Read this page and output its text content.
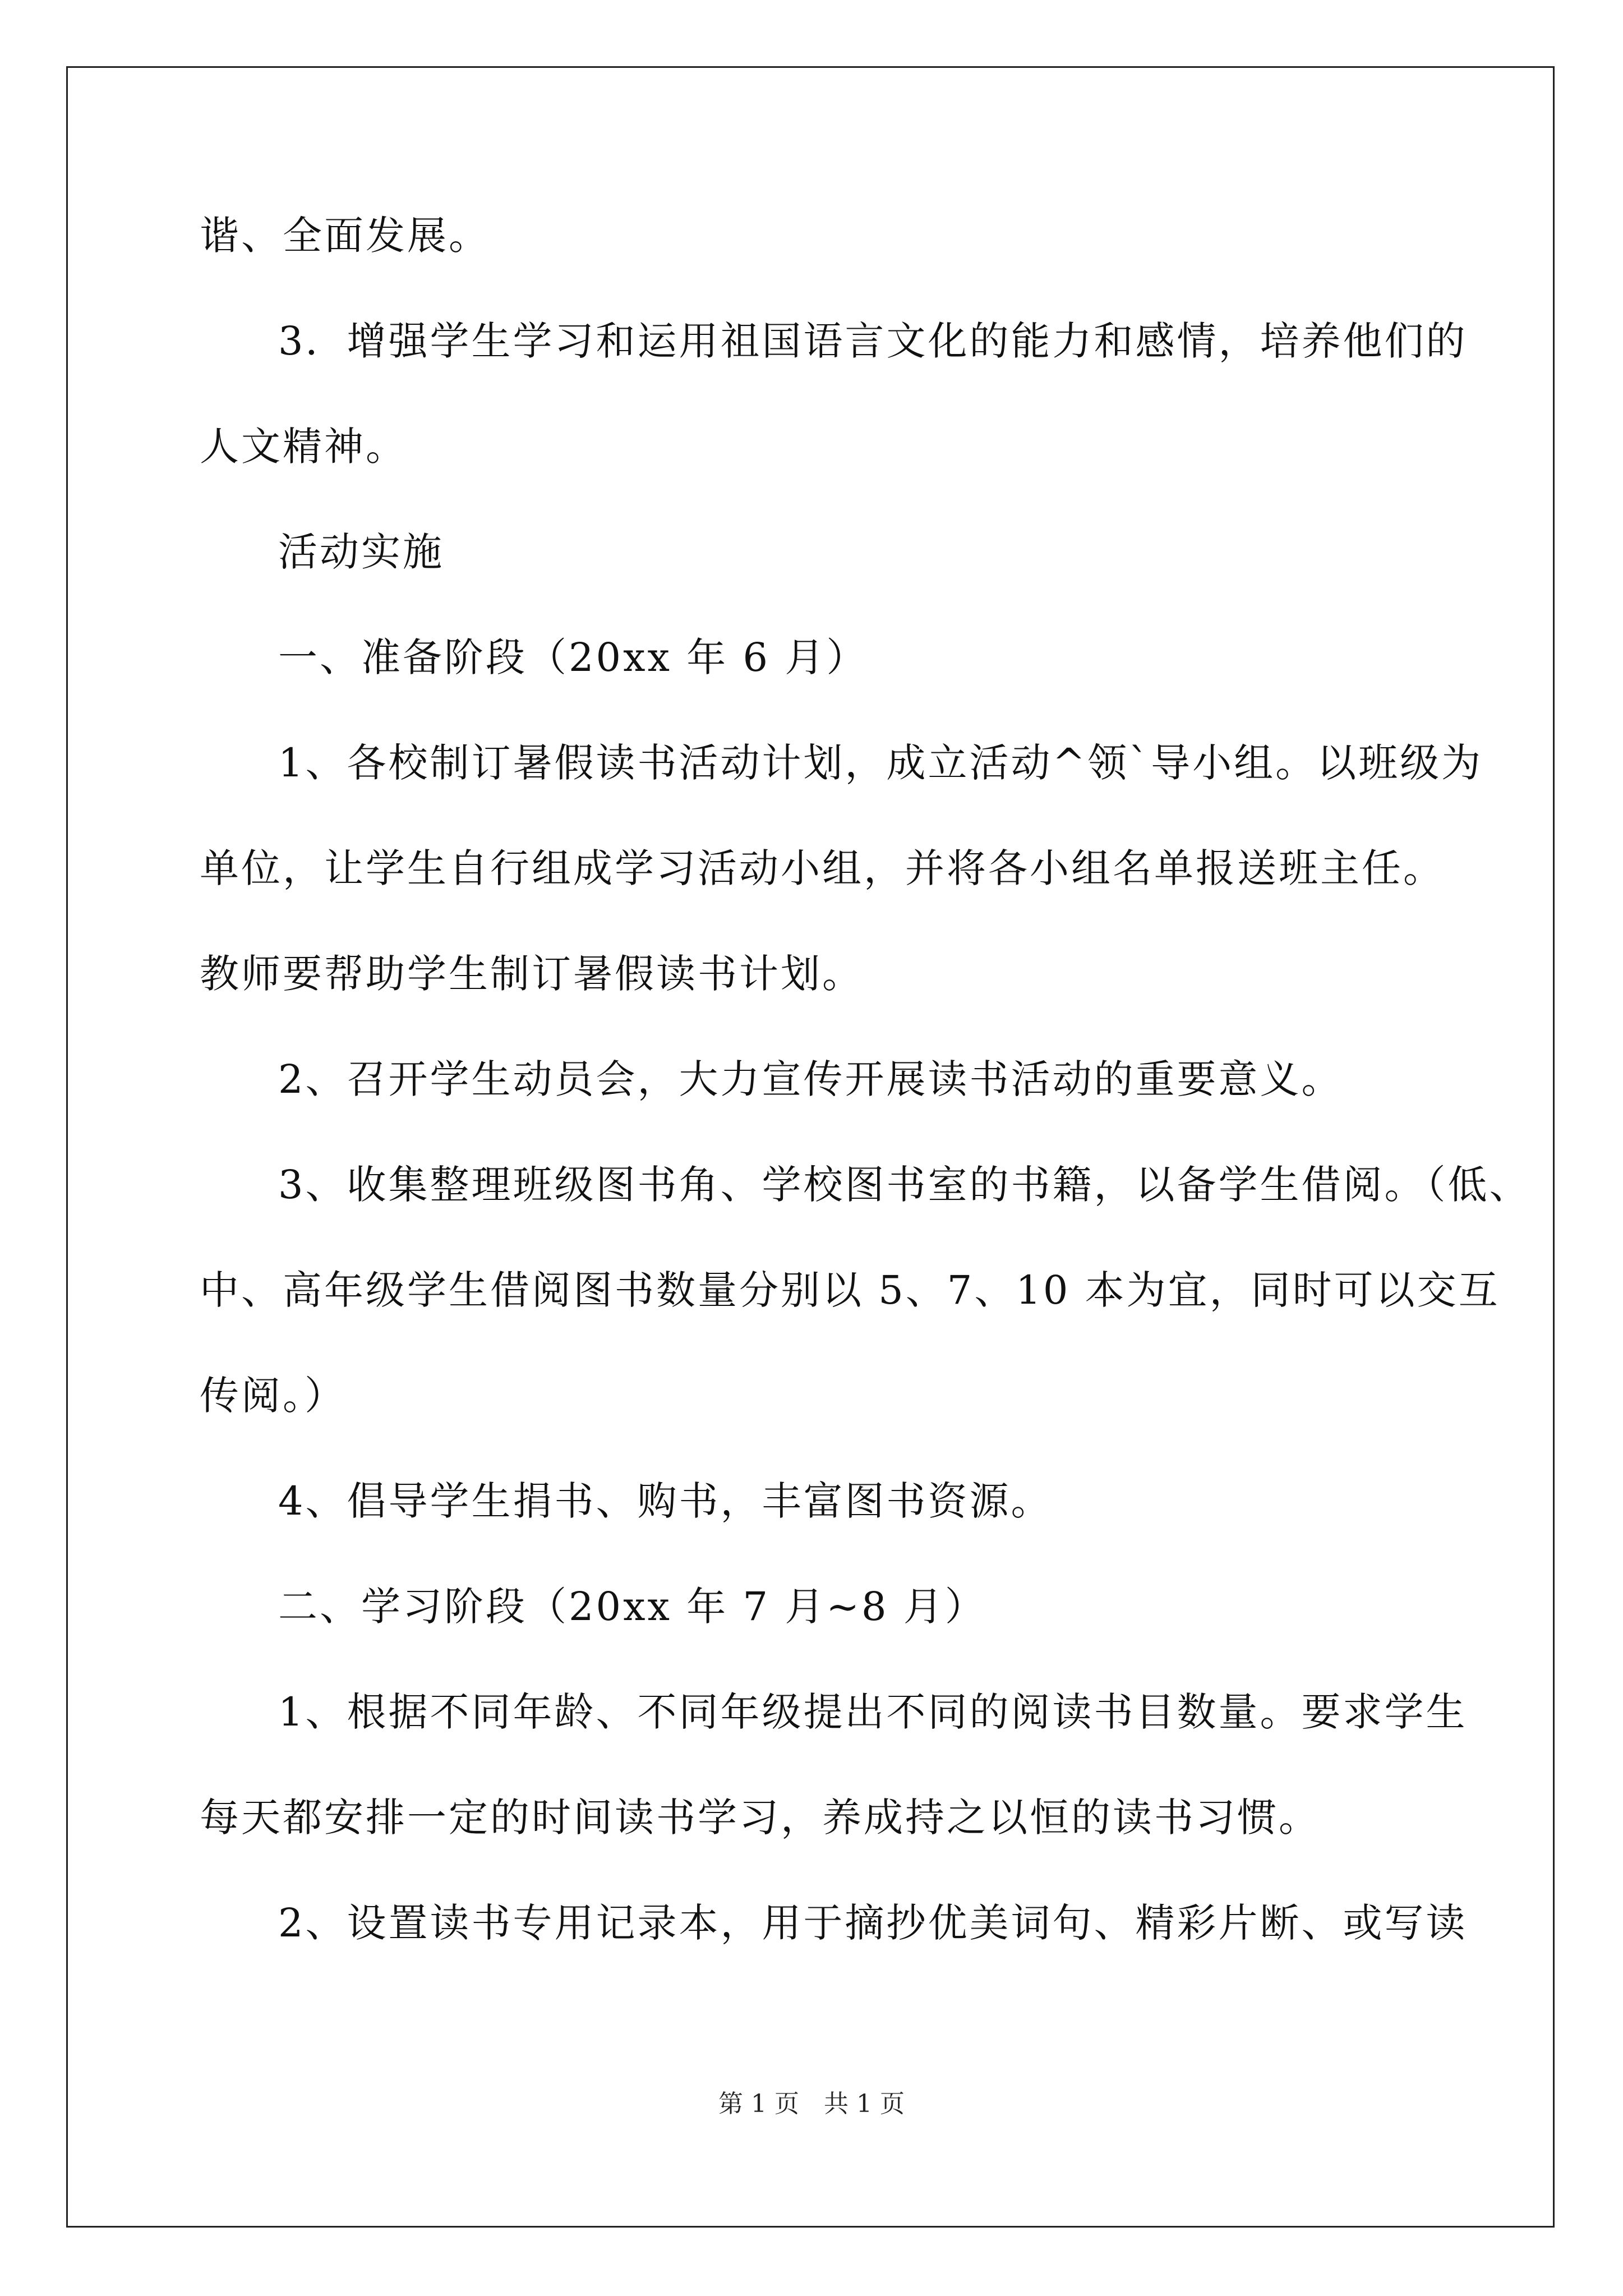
谐、全面发展。
3．增强学生学习和运用祖国语言文化的能力和感情，培养他们的
人文精神。
活动实施
一、准备阶段（20xx 年 6 月）
1、各校制订暑假读书活动计划，成立活动^领`导小组。以班级为
单位，让学生自行组成学习活动小组，并将各小组名单报送班主任。
教师要帮助学生制订暑假读书计划。
2、召开学生动员会，大力宣传开展读书活动的重要意义。
3、收集整理班级图书角、学校图书室的书籍，以备学生借阅。（低、
中、高年级学生借阅图书数量分别以 5、7、10 本为宜，同时可以交互
传阅。）
4、倡导学生捐书、购书，丰富图书资源。
二、学习阶段（20xx 年 7 月~8 月）
1、根据不同年龄、不同年级提出不同的阅读书目数量。要求学生
每天都安排一定的时间读书学习，养成持之以恒的读书习惯。
2、设置读书专用记录本，用于摘抄优美词句、精彩片断、或写读
第 1 页　共 1 页
